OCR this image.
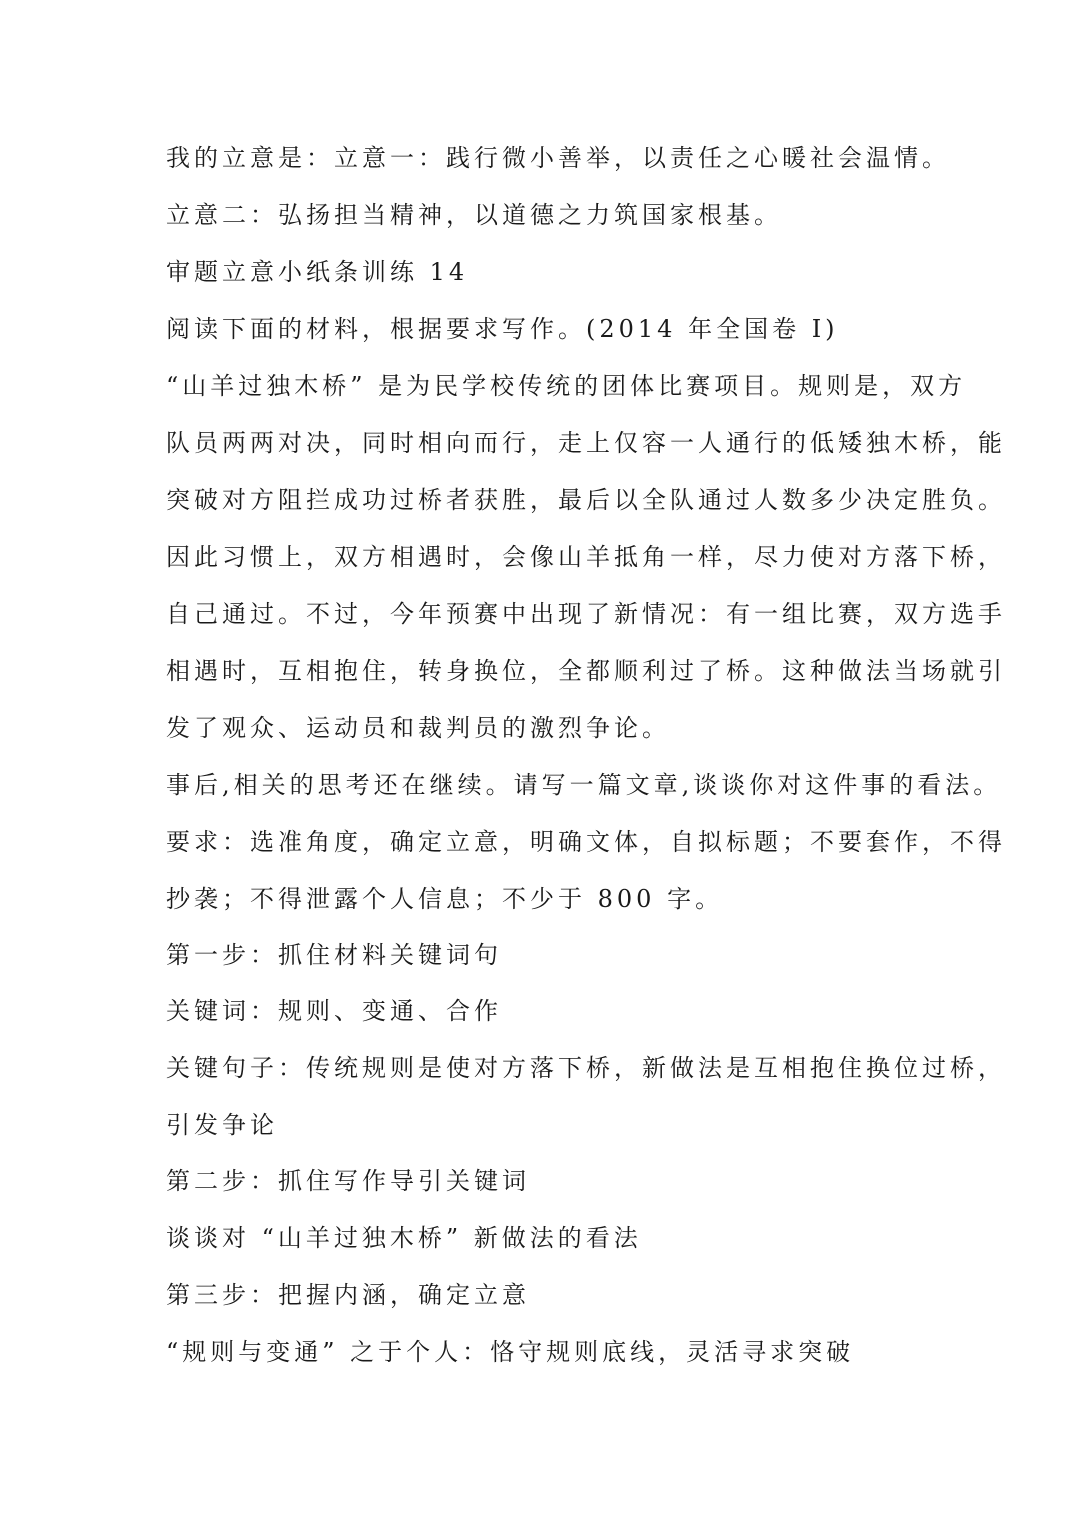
我的立意是：立意一：践行微小善举，以责任之心暖社会温情。
立意二：弘扬担当精神，以道德之力筑国家根基。
审题立意小纸条训练 14
阅读下面的材料，根据要求写作。(2014 年全国卷 Ⅰ)
“山羊过独木桥” 是为民学校传统的团体比赛项目。规则是，双方
队员两两对决，同时相向而行，走上仅容一人通行的低矮独木桥，能
突破对方阻拦成功过桥者获胜，最后以全队通过人数多少决定胜负。
因此习惯上，双方相遇时，会像山羊抵角一样，尽力使对方落下桥，
自己通过。不过，今年预赛中出现了新情况：有一组比赛，双方选手
相遇时，互相抱住，转身换位，全都顺利过了桥。这种做法当场就引
发了观众、运动员和裁判员的激烈争论。
事后,相关的思考还在继续。请写一篇文章,谈谈你对这件事的看法。
要求：选准角度，确定立意，明确文体，自拟标题；不要套作，不得
抄袭；不得泄露个人信息；不少于 800 字。
第一步：抓住材料关键词句
关键词：规则、变通、合作
关键句子：传统规则是使对方落下桥，新做法是互相抱住换位过桥，
引发争论
第二步：抓住写作导引关键词
谈谈对 “山羊过独木桥” 新做法的看法
第三步：把握内涵，确定立意
“规则与变通” 之于个人：恪守规则底线，灵活寻求突破
